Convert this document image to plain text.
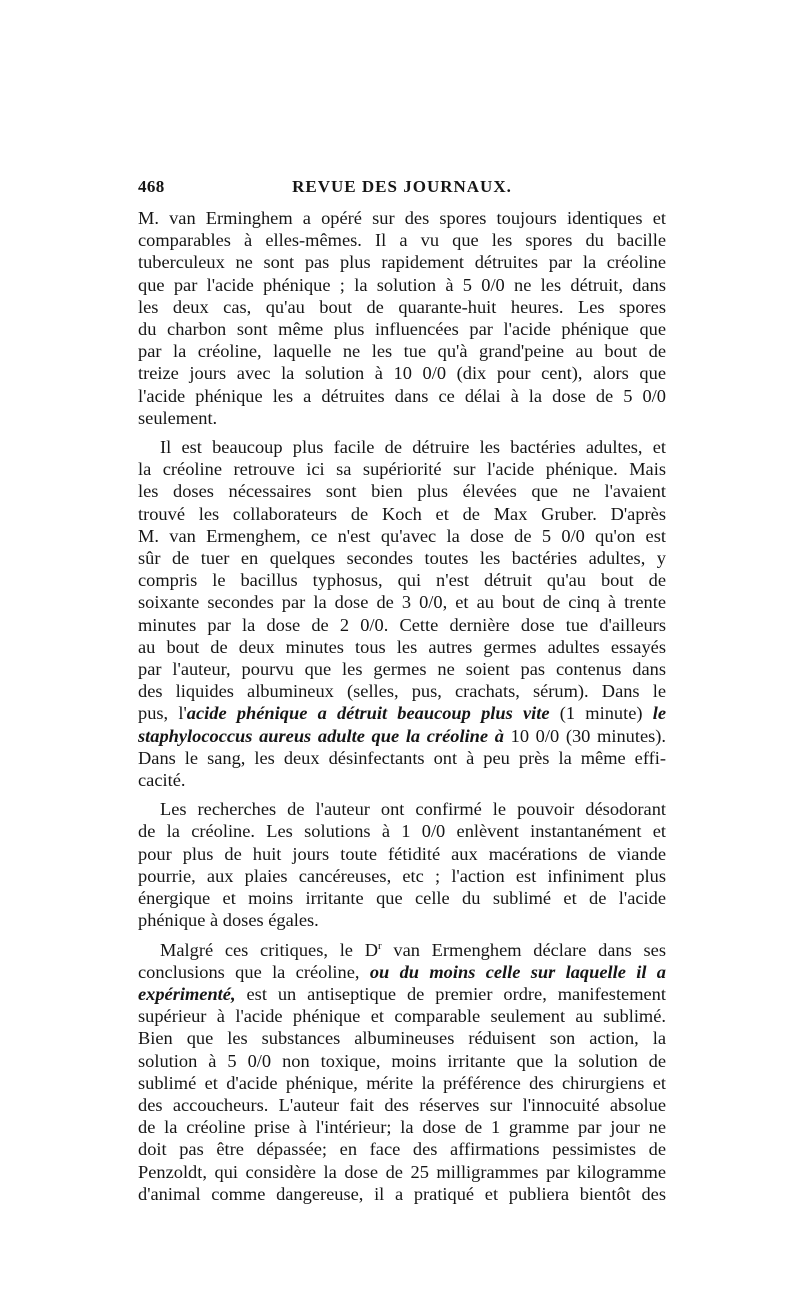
468	REVUE DES JOURNAUX.

M. van Erminghem a opéré sur des spores toujours identiques et
comparables à elles-mêmes. Il a vu que les spores du bacille
tuberculeux ne sont pas plus rapidement détruites par la créoline
que par l'acide phénique ; la solution à 5 0/0 ne les détruit, dans
les deux cas, qu'au bout de quarante-huit heures. Les spores
du charbon sont même plus influencées par l'acide phénique que
par la créoline, laquelle ne les tue qu'à grand'peine au bout de
treize jours avec la solution à 10 0/0 (dix pour cent), alors que
l'acide phénique les a détruites dans ce délai à la dose de 5 0/0
seulement.

Il est beaucoup plus facile de détruire les bactéries adultes, et
la créoline retrouve ici sa supériorité sur l'acide phénique. Mais
les doses nécessaires sont bien plus élevées que ne l'avaient
trouvé les collaborateurs de Koch et de Max Gruber. D'après
M. van Ermenghem, ce n'est qu'avec la dose de 5 0/0 qu'on est
sûr de tuer en quelques secondes toutes les bactéries adultes, y
compris le bacillus typhosus, qui n'est détruit qu'au bout de
soixante secondes par la dose de 3 0/0, et au bout de cinq à trente
minutes par la dose de 2 0/0. Cette dernière dose tue d'ailleurs
au bout de deux minutes tous les autres germes adultes essayés
par l'auteur, pourvu que les germes ne soient pas contenus dans
des liquides albumineux (selles, pus, crachats, sérum). Dans le
pus, l'acide phénique a détruit beaucoup plus vite (1 minute) le
staphylococcus aureus adulte que la créoline à 10 0/0 (30 minutes).
Dans le sang, les deux désinfectants ont à peu près la même effi-
cacité.

Les recherches de l'auteur ont confirmé le pouvoir désodorant
de la créoline. Les solutions à 1 0/0 enlèvent instantanément et
pour plus de huit jours toute fétidité aux macérations de viande
pourrie, aux plaies cancéreuses, etc ; l'action est infiniment plus
énergique et moins irritante que celle du sublimé et de l'acide
phénique à doses égales.

Malgré ces critiques, le $D^r$ van Ermenghem déclare dans ses
conclusions que la créoline, ou du moins celle sur laquelle il a
expérimenté, est un antiseptique de premier ordre, manifestement
supérieur à l'acide phénique et comparable seulement au sublimé.
Bien que les substances albumineuses réduisent son action, la
solution à 5 0/0 non toxique, moins irritante que la solution de
sublimé et d'acide phénique, mérite la préférence des chirurgiens et
des accoucheurs. L'auteur fait des réserves sur l'innocuité absolue
de la créoline prise à l'intérieur; la dose de 1 gramme par jour ne
doit pas être dépassée; en face des affirmations pessimistes de
Penzoldt, qui considère la dose de 25 milligrammes par kilogramme
d'animal comme dangereuse, il a pratiqué et publiera bientôt des
